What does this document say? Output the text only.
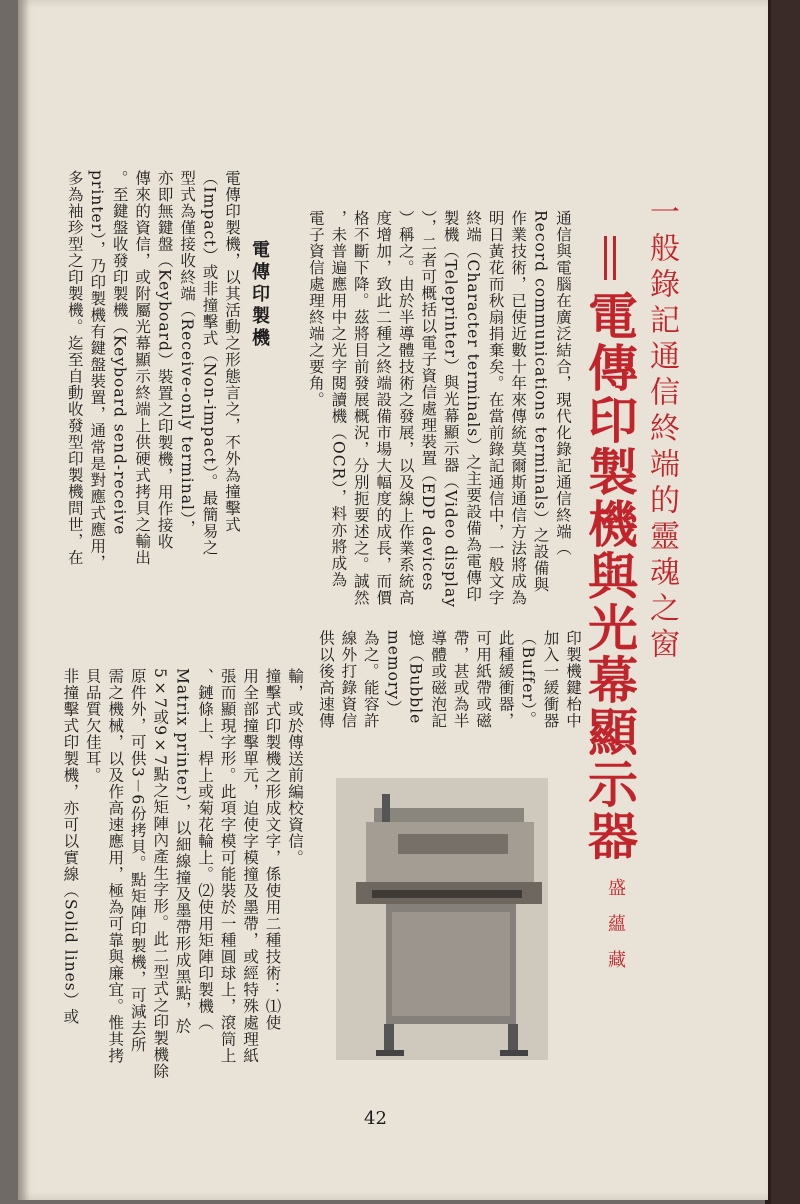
一般錄記通信終端的靈魂之窗
電傳印製機與光幕顯示器
通信與電腦在廣泛結合，現代化錄記通信終端（
Record communications terminals）之設備與
作業技術，已使近數十年來傳統莫爾斯通信方法將成為
明日黃花而秋扇捐棄矣。在當前錄記通信中，一般文字
終端（Character terminals）之主要設備為電傳印
製機（Teleprinter）與光幕顯示器（Video display
），二者可概括以電子資信處理裝置（EDP devices
）稱之。由於半導體技術之發展，以及線上作業系統高
度增加，致此二種之終端設備市場大幅度的成長，而價
格不斷下降。茲將目前發展概況，分別扼要述之。誠然
，未普遍應用中之光字閱讀機（OCR），料亦將成為
電子資信處理終端之要角。
電傳印製機
電傳印製機，以其活動之形態言之，不外為撞擊式
（Impact）或非撞擊式（Non-impact）。最簡易之
型式為僅接收終端（Receive-only terminal），
亦即無鍵盤（Keyboard）裝置之印製機，用作接收
傳來的資信，或附屬光幕顯示終端上供硬式拷貝之輸出
。至鍵盤收發印製機（Keyboard send-receive
printer），乃印製機有鍵盤裝置，通常是對應式應用，
多為袖珍型之印製機。迄至自動收發型印製機問世，在
印製機鍵枱中
加入一緩衝器
（Buffer）。
此種緩衝器，
可用紙帶或磁
帶，甚或為半
導體或磁泡記
憶（Bubble
memory）
為之。能容許
線外打錄資信
供以後高速傳
盛蘊藏
輸，或於傳送前編校資信。
撞擊式印製機之形成文字，係使用二種技術：⑴使
用全部撞擊單元，迫使字模撞及墨帶，或經特殊處理紙
張而顯現字形。此項字模可能裝於一種圓球上，滾筒上
、鏈條上、桿上或菊花輪上。⑵使用矩陣印製機（
Matrix printer），以細線撞及墨帶形成黑點，於
5×7或9×7點之矩陣內產生字形。此二型式之印製機除
原件外，可供3－6份拷貝。點矩陣印製機，可減去所
需之機械，以及作高速應用，極為可靠與廉宜。惟其拷
貝品質欠佳耳。
非撞擊式印製機，亦可以實線（Solid lines）或
42
